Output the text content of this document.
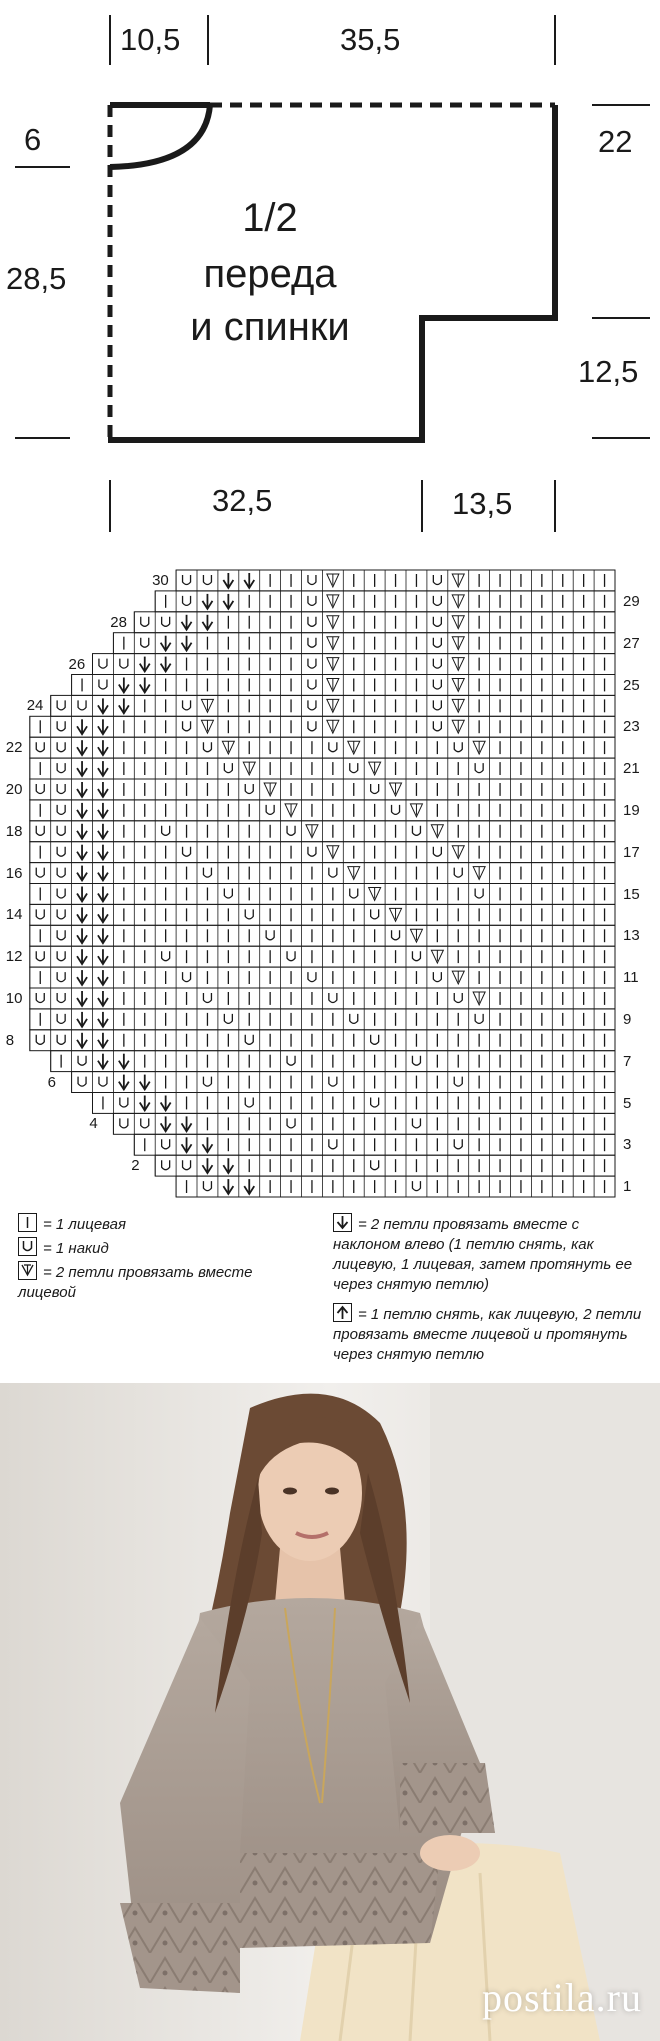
10,5	35,5
6
28,5
22
12,5
32,5	13,5
1/2
переда
и спинки
30
28
26
24
22
20
18
16
14
12
10
8
6
4
2
29
27
25
23
21
19
17
15
13
11
9
7
5
3
1
= 1 лицевая
= 1 накид
= 2 петли провязать вместе лицевой
= 2 петли провязать вместе с наклоном влево (1 петлю снять, как лицевую, 1 лицевая, затем протянуть ее через снятую петлю)
= 1 петлю снять, как лицевую, 2 петли провязать вместе лицевой и протянуть через снятую петлю
postila.ru
